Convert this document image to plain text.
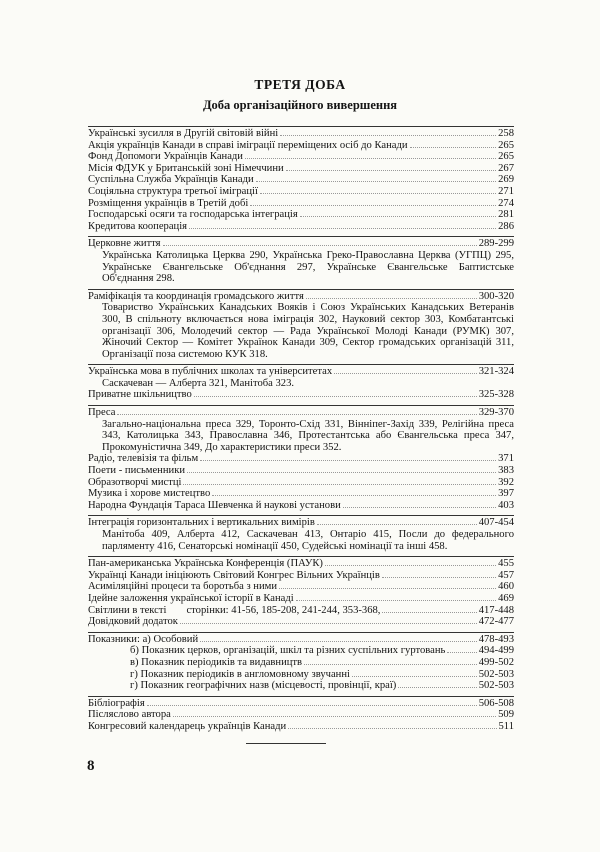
ТРЕТЯ ДОБА
Доба організаційного вивершення
Українські зусилля в Другій світовій війні	258
Акція українців Канади в справі іміграції переміщених осіб до Канади	265
Фонд Допомоги Українців Канади	265
Місія ФДУК у Британській зоні Німеччини	267
Суспільна Служба Українців Канади	269
Соціяльна структура третьої іміграції	271
Розміщення українців в Третій добі	274
Господарські осяги та господарська інтеграція	281
Кредитова кооперація	286
Церковне життя	289-299
Українська Католицька Церква 290, Українська Греко-Православна Церква (УГПЦ) 295, Українське Євангельське Об'єднання 297, Українське Євангельське Баптистське Об'єднання 298.
Раміфікація та координація громадського життя	300-320
Товариство Українських Канадських Вояків і Союз Українських Канадських Ветеранів 300, В спільноту включається нова іміграція 302, Науковий сектор 303, Комбатантські організації 306, Молодечий сектор — Рада Української Молоді Канади (РУМК) 307, Жіночий Сектор — Комітет Українок Канади 309, Сектор громадських організацій 311, Організації поза системою КУК 318.
Українська мова в публічних школах та університетах	321-324
Саскачеван — Алберта 321, Манітоба 323.
Приватне шкільництво	325-328
Преса	329-370
Загально-національна преса 329, Торонто-Схід 331, Вінніпег-Захід 339, Релігійна преса 343, Католицька 343, Православна 346, Протестантська або Євангельська преса 347, Прокомуністична 349, До характеристики преси 352.
Радіо, телевізія та фільм	371
Поети - письменники	383
Образотворчі мистці	392
Музика і хорове мистецтво	397
Народна Фундація Тараса Шевченка й наукові установи	403
Інтеграція горизонтальних і вертикальних вимірів	407-454
Манітоба 409, Алберта 412, Саскачеван 413, Онтаріо 415, Посли до федерального парляменту 416, Сенаторські номінації 450, Судейські номінації та інші 458.
Пан-американська Українська Конференція (ПАУК)	455
Українці Канади ініціюють Світовий Конгрес Вільних Українців	457
Асиміляційні процеси та боротьба з ними	460
Ідейне заложення української історії в Канаді	469
Світлини в тексті сторінки: 41-56, 185-208, 241-244, 353-368,	417-448
Довідковий додаток	472-477
Показники: а) Особовий	478-493
б) Показник церков, організацій, шкіл та різних суспільних гуртовань	494-499
в) Показник періодиків та видавництв	499-502
г) Показник періодиків в англомовному звучанні	502-503
г) Показник географічних назв (місцевості, провінції, краї)	502-503
Бібліографія	506-508
Післяслово автора	509
Конгресовий календарець українців Канади	511
8
